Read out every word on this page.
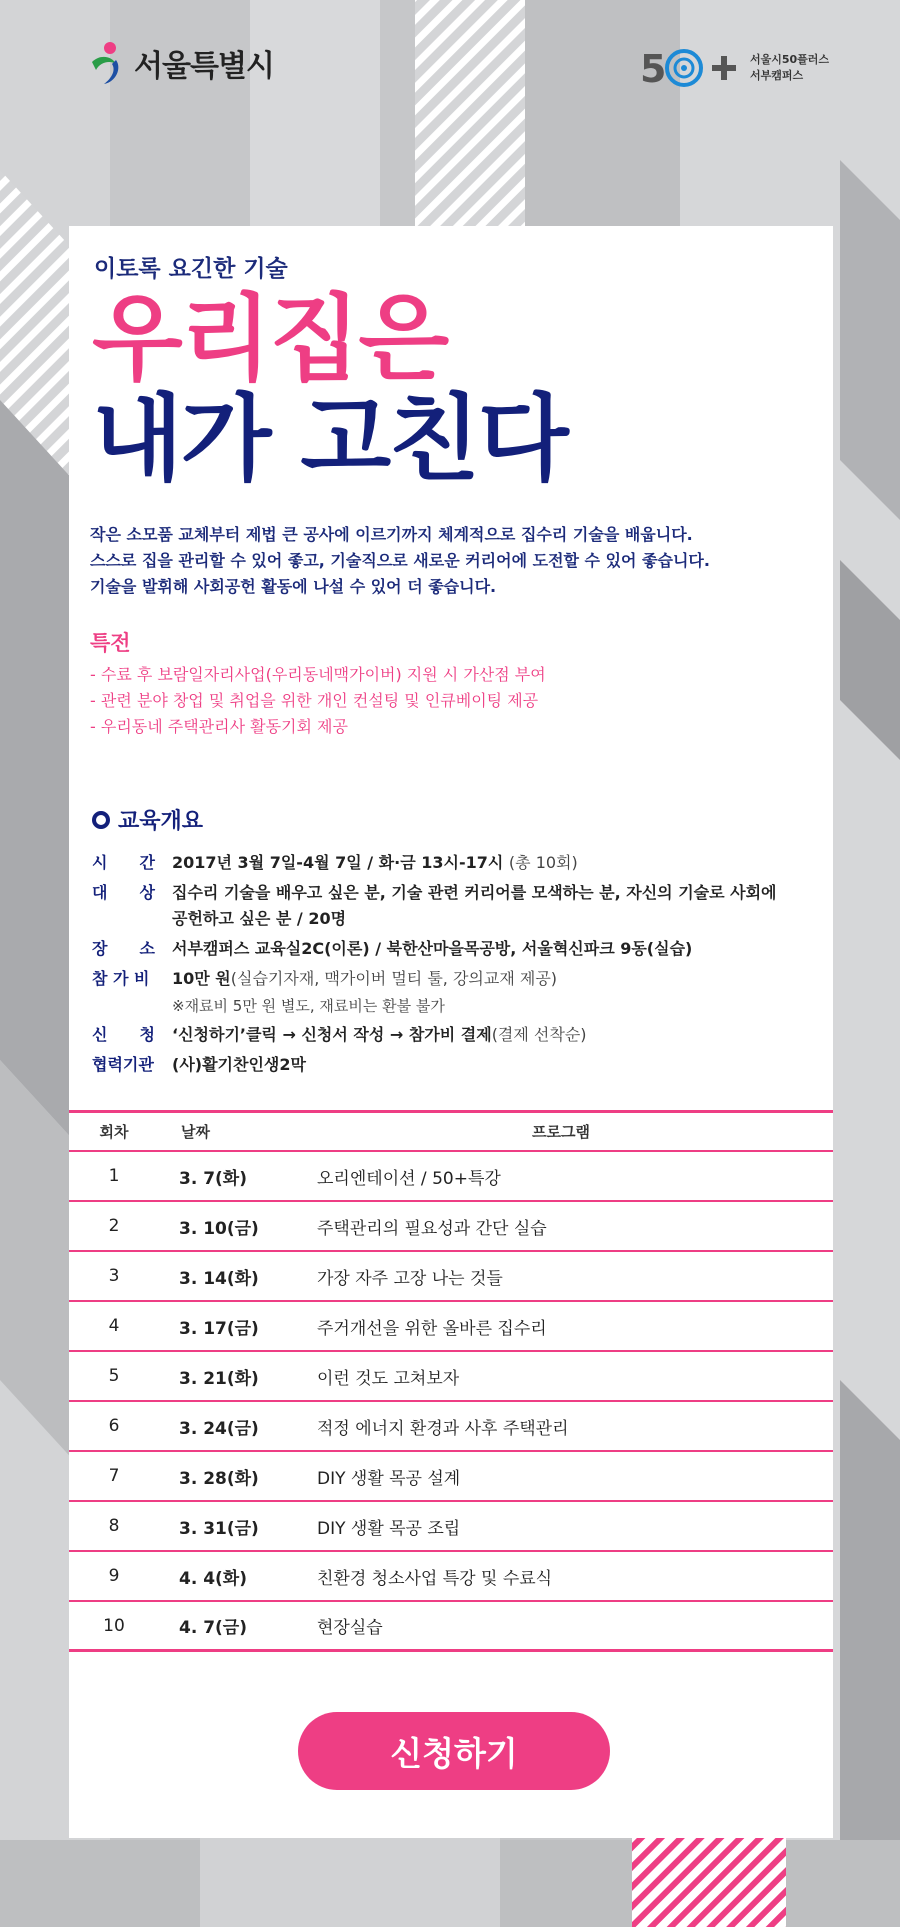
서울특별시	5	서울시50플러스
서부캠퍼스
이토록 요긴한 기술
우리집은
내가 고친다
작은 소모품 교체부터 제법 큰 공사에 이르기까지 체계적으로 집수리 기술을 배웁니다.
스스로 집을 관리할 수 있어 좋고, 기술직으로 새로운 커리어에 도전할 수 있어 좋습니다.
기술을 발휘해 사회공헌 활동에 나설 수 있어 더 좋습니다.
특전
- 수료 후 보람일자리사업(우리동네맥가이버) 지원 시 가산점 부여
- 관련 분야 창업 및 취업을 위한 개인 컨설팅 및 인큐베이팅 제공
- 우리동네 주택관리사 활동기회 제공
교육개요
시　　간	2017년 3월 7일-4월 7일 / 화·금 13시-17시 (총 10회)
대　　상	집수리 기술을 배우고 싶은 분, 기술 관련 커리어를 모색하는 분, 자신의 기술로 사회에 공헌하고 싶은 분 / 20명
장　　소	서부캠퍼스 교육실2C(이론) / 북한산마을목공방, 서울혁신파크 9동(실습)
참 가 비	10만 원(실습기자재, 맥가이버 멀티 툴, 강의교재 제공)
※재료비 5만 원 별도, 재료비는 환불 불가
신　　청	‘신청하기’클릭 → 신청서 작성 → 참가비 결제(결제 선착순)
협력기관	(사)활기찬인생2막
회차	날짜	프로그램
1	3. 7(화)	오리엔테이션 / 50+특강
2	3. 10(금)	주택관리의 필요성과 간단 실습
3	3. 14(화)	가장 자주 고장 나는 것들
4	3. 17(금)	주거개선을 위한 올바른 집수리
5	3. 21(화)	이런 것도 고쳐보자
6	3. 24(금)	적정 에너지 환경과 사후 주택관리
7	3. 28(화)	DIY 생활 목공 설계
8	3. 31(금)	DIY 생활 목공 조립
9	4. 4(화)	친환경 청소사업 특강 및 수료식
10	4. 7(금)	현장실습
신청하기
